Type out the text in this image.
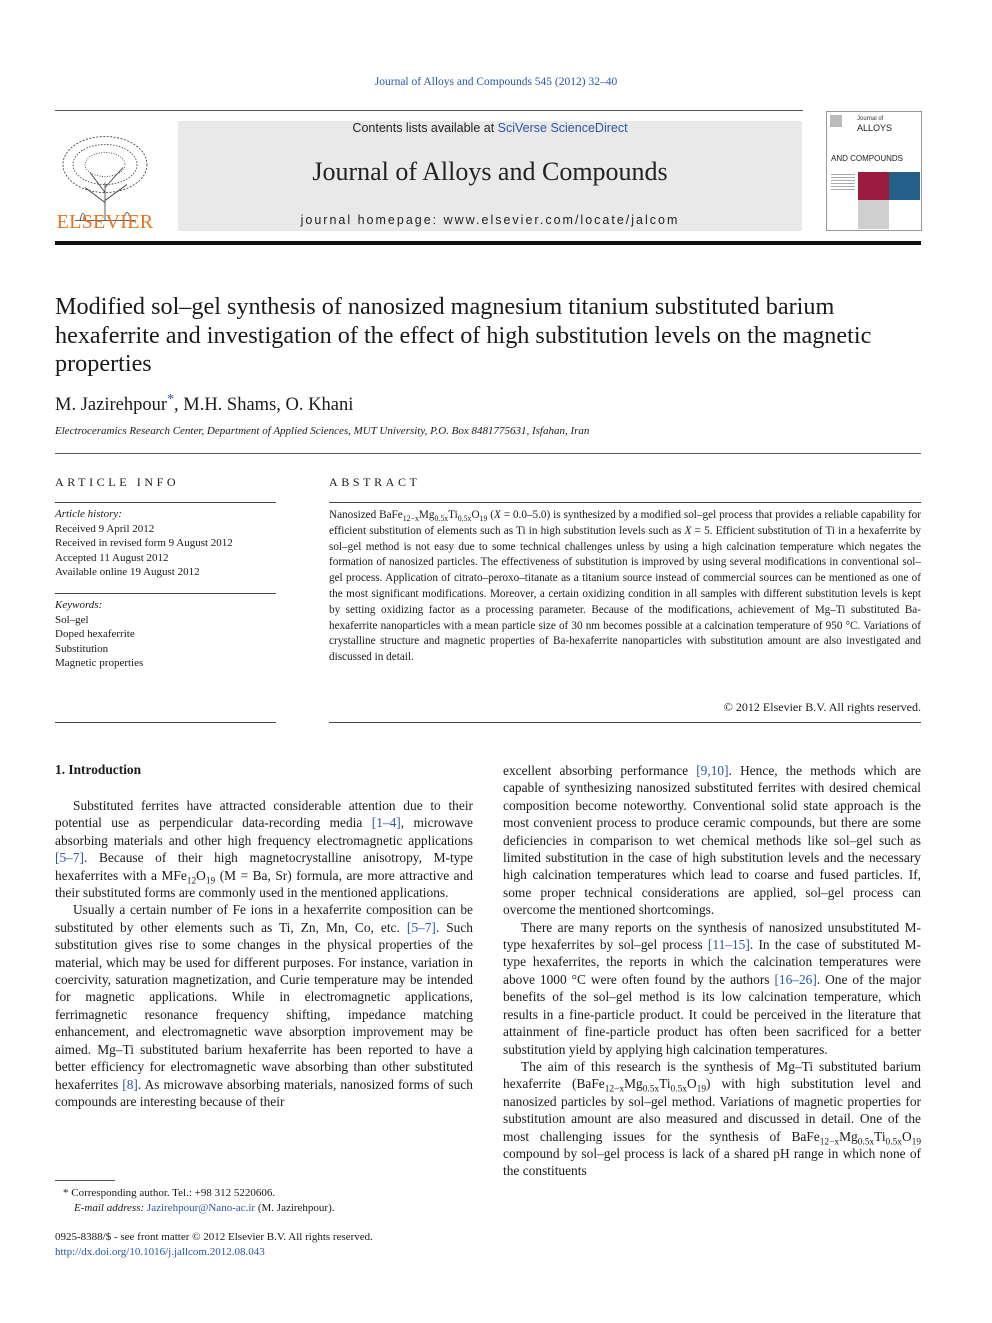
Journal of Alloys and Compounds 545 (2012) 32–40
ELSEVIER
Contents lists available at SciVerse ScienceDirect
Journal of Alloys and Compounds
journal homepage: www.elsevier.com/locate/jalcom
Journal of
ALLOYS
AND COMPOUNDS
Modified sol–gel synthesis of nanosized magnesium titanium substituted barium hexaferrite and investigation of the effect of high substitution levels on the magnetic properties
M. Jazirehpour*, M.H. Shams, O. Khani
Electroceramics Research Center, Department of Applied Sciences, MUT University, P.O. Box 8481775631, Isfahan, Iran
ARTICLE INFO
Article history:
Received 9 April 2012
Received in revised form 9 August 2012
Accepted 11 August 2012
Available online 19 August 2012
Keywords:
Sol–gel
Doped hexaferrite
Substitution
Magnetic properties
ABSTRACT
Nanosized $BaFe_{12-x}Mg_{0.5x}Ti_{0.5x}O_{19}$ (X = 0.0–5.0) is synthesized by a modified sol–gel process that provides a reliable capability for efficient substitution of elements such as Ti in high substitution levels such as X = 5. Efficient substitution of Ti in a hexaferrite by sol–gel method is not easy due to some technical challenges unless by using a high calcination temperature which negates the formation of nanosized particles. The effectiveness of substitution is improved by using several modifications in conventional sol–gel process. Application of citrato–peroxo–titanate as a titanium source instead of commercial sources can be mentioned as one of the most significant modifications. Moreover, a certain oxidizing condition in all samples with different substitution levels is kept by setting oxidizing factor as a processing parameter. Because of the modifications, achievement of Mg–Ti substituted Ba-hexaferrite nanoparticles with a mean particle size of 30 nm becomes possible at a calcination temperature of 950 °C. Variations of crystalline structure and magnetic properties of Ba-hexaferrite nanoparticles with substitution amount are also investigated and discussed in detail.
© 2012 Elsevier B.V. All rights reserved.
1. Introduction

Substituted ferrites have attracted considerable attention due to their potential use as perpendicular data-recording media [1–4], microwave absorbing materials and other high frequency electromagnetic applications [5–7]. Because of their high magnetocrystalline anisotropy, M-type hexaferrites with a $MFe_{12}O_{19}$ (M = Ba, Sr) formula, are more attractive and their substituted forms are commonly used in the mentioned applications.

Usually a certain number of Fe ions in a hexaferrite composition can be substituted by other elements such as Ti, Zn, Mn, Co, etc. [5–7]. Such substitution gives rise to some changes in the physical properties of the material, which may be used for different purposes. For instance, variation in coercivity, saturation magnetization, and Curie temperature may be intended for magnetic applications. While in electromagnetic applications, ferrimagnetic resonance frequency shifting, impedance matching enhancement, and electromagnetic wave absorption improvement may be aimed. Mg–Ti substituted barium hexaferrite has been reported to have a better efficiency for electromagnetic wave absorbing than other substituted hexaferrites [8]. As microwave absorbing materials, nanosized forms of such compounds are interesting because of their

excellent absorbing performance [9,10]. Hence, the methods which are capable of synthesizing nanosized substituted ferrites with desired chemical composition become noteworthy. Conventional solid state approach is the most convenient process to produce ceramic compounds, but there are some deficiencies in comparison to wet chemical methods like sol–gel such as limited substitution in the case of high substitution levels and the necessary high calcination temperatures which lead to coarse and fused particles. If, some proper technical considerations are applied, sol–gel process can overcome the mentioned shortcomings.

There are many reports on the synthesis of nanosized unsubstituted M-type hexaferrites by sol–gel process [11–15]. In the case of substituted M-type hexaferrites, the reports in which the calcination temperatures were above 1000 °C were often found by the authors [16–26]. One of the major benefits of the sol–gel method is its low calcination temperature, which results in a fine-particle product. It could be perceived in the literature that attainment of fine-particle product has often been sacrificed for a better substitution yield by applying high calcination temperatures.

The aim of this research is the synthesis of Mg–Ti substituted barium hexaferrite $(BaFe_{12-x}Mg_{0.5x}Ti_{0.5x}O_{19})$ with high substitution level and nanosized particles by sol–gel method. Variations of magnetic properties for substitution amount are also measured and discussed in detail. One of the most challenging issues for the synthesis of $BaFe_{12-x}Mg_{0.5x}Ti_{0.5x}O_{19}$ compound by sol–gel process is lack of a shared pH range in which none of the constituents

* Corresponding author. Tel.: +98 312 5220606.
E-mail address: Jazirehpour@Nano-ac.ir (M. Jazirehpour).
0925-8388/$ - see front matter © 2012 Elsevier B.V. All rights reserved.
http://dx.doi.org/10.1016/j.jallcom.2012.08.043
